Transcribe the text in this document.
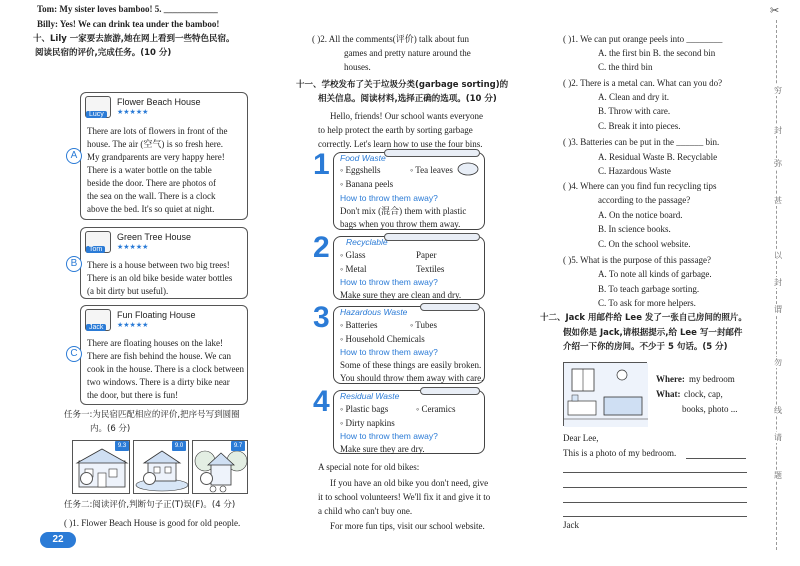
Tom: My sister loves bamboo! 5. ____________
Billy: Yes! We can drink tea under the bamboo!
十、Lily 一家要去旅游,她在网上看到一些特色民宿。
阅读民宿的评价,完成任务。(10 分)
Lucy
Flower Beach House
★★★★★
There are lots of flowers in front of the
house. The air (空气) is so fresh here.
My grandparents are very happy here!
There is a water bottle on the table
beside the door. There are photos of
the sea on the wall. There is a clock
above the bed. It's so quiet at night.
A
Tom
Green Tree House
★★★★★
There is a house between two big trees!
There is an old bike beside water bottles
(a bit dirty but useful).
B
Jack
Fun Floating House
★★★★★
There are floating houses on the lake!
There are fish behind the house. We can
cook in the house. There is a clock between
two windows. There is a dirty bike near
the door, but there is fun!
C
任务一:为民宿匹配相应的评价,把序号写到圆圈
内。(6 分)
9.3	9.0	9.7
任务二:阅读评价,判断句子正(T)误(F)。(4 分)
( )1. Flower Beach House is good for old people.
22
( )2. All the comments(评价) talk about fun
games and pretty nature around the
houses.
十一、学校发布了关于垃圾分类(garbage sorting)的
相关信息。阅读材料,选择正确的选项。(10 分)
Hello, friends! Our school wants everyone
to help protect the earth by sorting garbage
correctly. Let's learn how to use the four bins.
1 Food Waste
◦ Eggshells	◦ Tea leaves
◦ Banana peels
How to throw them away?
Don't mix (混合) them with plastic
bags when you throw them away.
2 Recyclable
◦ Glass	Paper
◦ Metal	Textiles
How to throw them away?
Make sure they are clean and dry.
3 Hazardous Waste
◦ Batteries	◦ Tubes
◦ Household Chemicals
How to throw them away?
Some of these things are easily broken.
You should throw them away with care.
4 Residual Waste
◦ Plastic bags	◦ Ceramics
◦ Dirty napkins
How to throw them away?
Make sure they are dry.
A special note for old bikes:
If you have an old bike you don't need, give
it to school volunteers! We'll fix it and give it to
a child who can't buy one.
For more fun tips, visit our school website.
( )1. We can put orange peels into ________
A. the first bin B. the second bin
C. the third bin
( )2. There is a metal can. What can you do?
A. Clean and dry it.
B. Throw with care.
C. Break it into pieces.
( )3. Batteries can be put in the ______ bin.
A. Residual Waste B. Recyclable
C. Hazardous Waste
( )4. Where can you find fun recycling tips
according to the passage?
A. On the notice board.
B. In science books.
C. On the school website.
( )5. What is the purpose of this passage?
A. To note all kinds of garbage.
B. To teach garbage sorting.
C. To ask for more helpers.
十二、Jack 用邮件给 Lee 发了一张自己房间的照片。
假如你是 Jack,请根据提示,给 Lee 写一封邮件
介绍一下你的房间。不少于 5 句话。(5 分)
Where: my bedroom
What: clock, cap,
books, photo ...
Dear Lee,
This is a photo of my bedroom.
Jack
✂
穷
封
弥
甚
以
封
谓
勿
线
请
题
